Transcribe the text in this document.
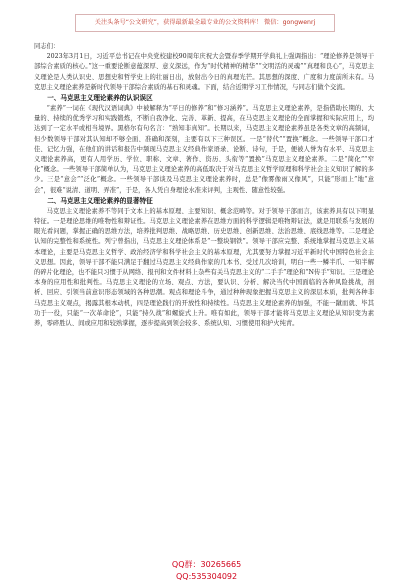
关注头条号“公文研究”，获得最新最全最专业的公文资料库！ 微信：gongwenrj

同志们：

2023年3月1日，习近平总书记在中央党校建校90周年庆祝大会暨春季学期开学典礼上强调指出：“理论修养是领导干部综合素质的核心。”这一重要论断意蕴深厚、意义深远，作为“时代精神的精华”“文明活的灵魂”“真理和良心”，马克思主义理论是人类认识史、思想史和哲学史上的壮丽日出，放射出今日的真理光芒。其思想的深度、广度和力度前所未有。马克思主义理论素养是新时代领导干部综合素质的基石和灵魂。下面，结合近期学习工作情况，与同志们做个交流。

一、马克思主义理论素养的认识误区

“素养”一词在《现代汉语词典》中被解释为“平日的修养”和“修习涵养”。马克思主义理论素养，是指借助长期的、大量的、持续的优秀学习和实践锻炼，不断自我净化、完善、革新、提高，在马克思主义理论的全面掌握和实际应用上，均达到了一定水平或相当境界。黑格尔有句名言：“熟知非真知”。长期以来，马克思主义理论素养虽是各类文章的高频词，但少数领导干部对其认知却不够全面、准确和深刻，主要有以下三种误区。一是“替代”“置换”概念。一些领导干部口才佳、记忆力强，在他们的讲话和报告中频现马克思主义经典作家语录、论断、诗句，于是，便被人誉为有水平、马克思主义理论素养高，更有人用学历、学位、职称、文章、著作、资历、头衔等“置换”马克思主义理论素养。二是“简化”“窄化”概念。一些领导干部简单认为，马克思主义理论素养的高低取决于对马克思主义哲学原理和科学社会主义知识了解的多少。三是“意会”“泛化”概念。一些领导干部谈及马克思主义理论素养时，总是“像雾像雨又像风”，只能“形而上”地“意会”，很难“说清、道明、弄准”，于是，各人凭自身理论水准来评判，主观性、随意性较强。

二、马克思主义理论素养的显著特征

马克思主义理论素养不等同于文本上的基本原理、主要知识、概念范畴等。对于领导干部而言，该素养具有以下明显特征。一是理论思维的唯物性和辩证性。马克思主义理论素养在思维方面的科学逻辑是唯物辩证法，就是用联系与发展的眼光看问题，掌握正确的思维方法，培养批判思维、战略思维、历史思维、创新思维、法治思维、底线思维等。二是理论认知的完整性和系统性。列宁曾指出，马克思主义理论体系是“一整块钢铁”。领导干部应完整、系统地掌握马克思主义基本理论，主要是马克思主义哲学、政治经济学和科学社会主义的基本原理，尤其要努力掌握习近平新时代中国特色社会主义思想。因此，领导干部不能只满足于翻过马克思主义经典作家的几本书、受过几次培训，明白一些一鳞半爪、一知半解的碎片化理论，也不能只习惯于从网络、报刊和文件材料上杂些有关马克思主义的“二手手”理论和“N传手”知识。三是理论本身的应用性和批判性。马克思主义理论的立场、观点、方法，要认识、分析、解决当代中国面临的各种风险挑战，剖析、回应、引领当前意识形态领域的各种思潮。观点和理论斗争，通过种种现象把握马克思主义的深层本质，批判各种非马克思主义观点，揭露其根本动机，四是理论践行的开放性和持续性。马克思主义理论素养的加强，不能一蹴而就、毕其功于一役，只能“一次革命论”，只能“持久战”和螺旋式上升。唯有如此，领导干部才能将马克思主义理论从知识变为素养，零碎胜认、间或应用和较熟掌握，逐步提高到领会较多、系统认知、习惯使用和护火纯青。

QQ群：30265665
QQ:535304092
